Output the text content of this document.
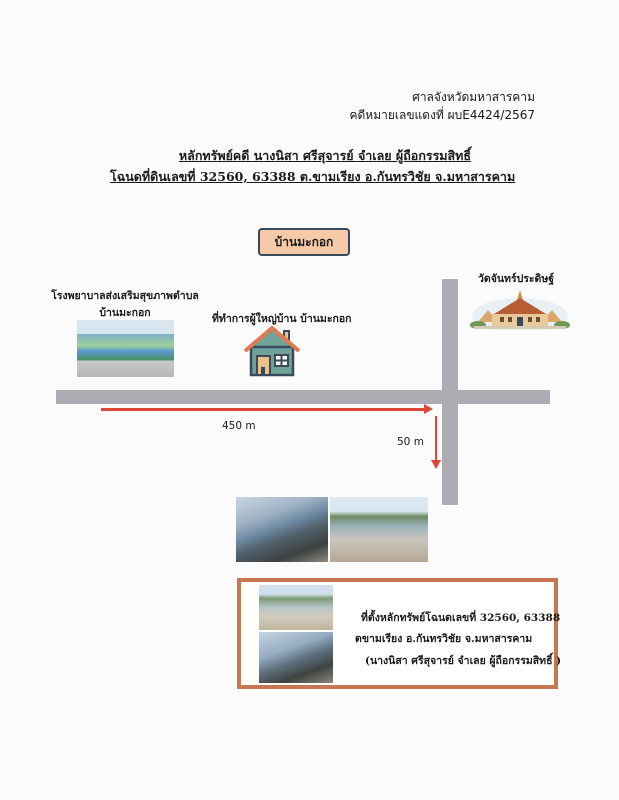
ศาลจังหวัดมหาสารคาม
คดีหมายเลขแดงที่ ผบE4424/2567
หลักทรัพย์คดี นางนิสา ศรีสุจารย์ จำเลย ผู้ถือกรรมสิทธิ์
โฉนดที่ดินเลขที่ 32560, 63388 ต.ขามเรียง อ.กันทรวิชัย จ.มหาสารคาม
บ้านมะกอก
โรงพยาบาลส่งเสริมสุขภาพตำบล
บ้านมะกอก	ที่ทำการผู้ใหญ่บ้าน บ้านมะกอก
วัดจันทร์ประดิษฐ์
450 m
50 m
ที่ตั้งหลักทรัพย์โฉนดเลขที่ 32560, 63388
ตขามเรียง อ.กันทรวิชัย จ.มหาสารคาม
(นางนิสา ศรีสุจารย์ จำเลย ผู้ถือกรรมสิทธิ์ )
